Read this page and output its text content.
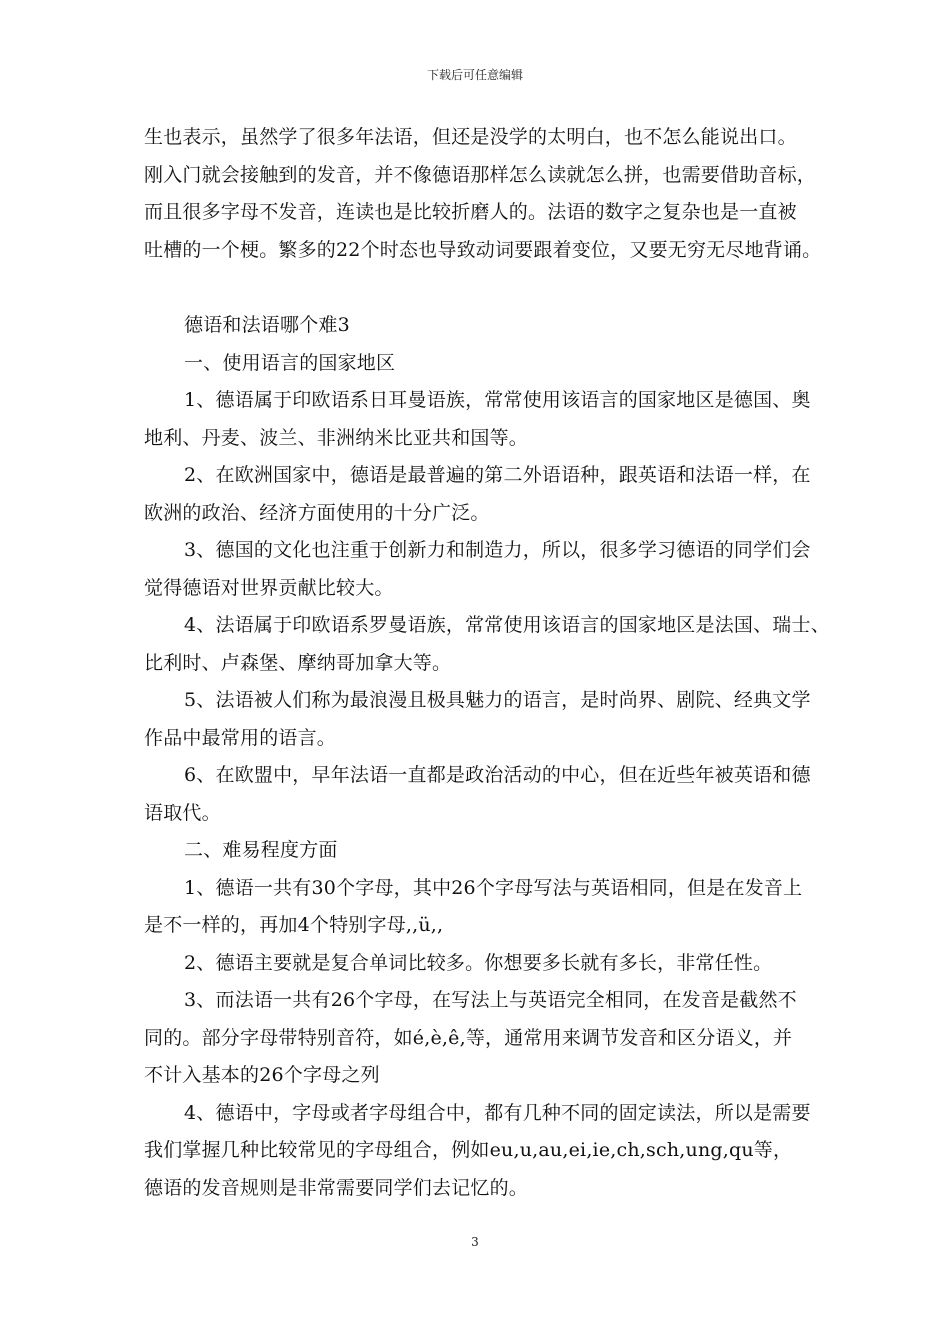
下载后可任意编辑
生也表示，虽然学了很多年法语，但还是没学的太明白，也不怎么能说出口。
刚入门就会接触到的发音，并不像德语那样怎么读就怎么拼，也需要借助音标，
而且很多字母不发音，连读也是比较折磨人的。法语的数字之复杂也是一直被
吐槽的一个梗。繁多的22个时态也导致动词要跟着变位，又要无穷无尽地背诵。
德语和法语哪个难3
一、使用语言的国家地区
1、德语属于印欧语系日耳曼语族，常常使用该语言的国家地区是德国、奥
地利、丹麦、波兰、非洲纳米比亚共和国等。
2、在欧洲国家中，德语是最普遍的第二外语语种，跟英语和法语一样，在
欧洲的政治、经济方面使用的十分广泛。
3、德国的文化也注重于创新力和制造力，所以，很多学习德语的同学们会
觉得德语对世界贡献比较大。
4、法语属于印欧语系罗曼语族，常常使用该语言的国家地区是法国、瑞士、
比利时、卢森堡、摩纳哥加拿大等。
5、法语被人们称为最浪漫且极具魅力的语言，是时尚界、剧院、经典文学
作品中最常用的语言。
6、在欧盟中，早年法语一直都是政治活动的中心，但在近些年被英语和德
语取代。
二、难易程度方面
1、德语一共有30个字母，其中26个字母写法与英语相同，但是在发音上
是不一样的，再加4个特别字母,,ü,,
2、德语主要就是复合单词比较多。你想要多长就有多长，非常任性。
3、而法语一共有26个字母，在写法上与英语完全相同，在发音是截然不
同的。部分字母带特别音符，如é,è,ê,等，通常用来调节发音和区分语义，并
不计入基本的26个字母之列
4、德语中，字母或者字母组合中，都有几种不同的固定读法，所以是需要
我们掌握几种比较常见的字母组合，例如eu,u,au,ei,ie,ch,sch,ung,qu等，
德语的发音规则是非常需要同学们去记忆的。
3
